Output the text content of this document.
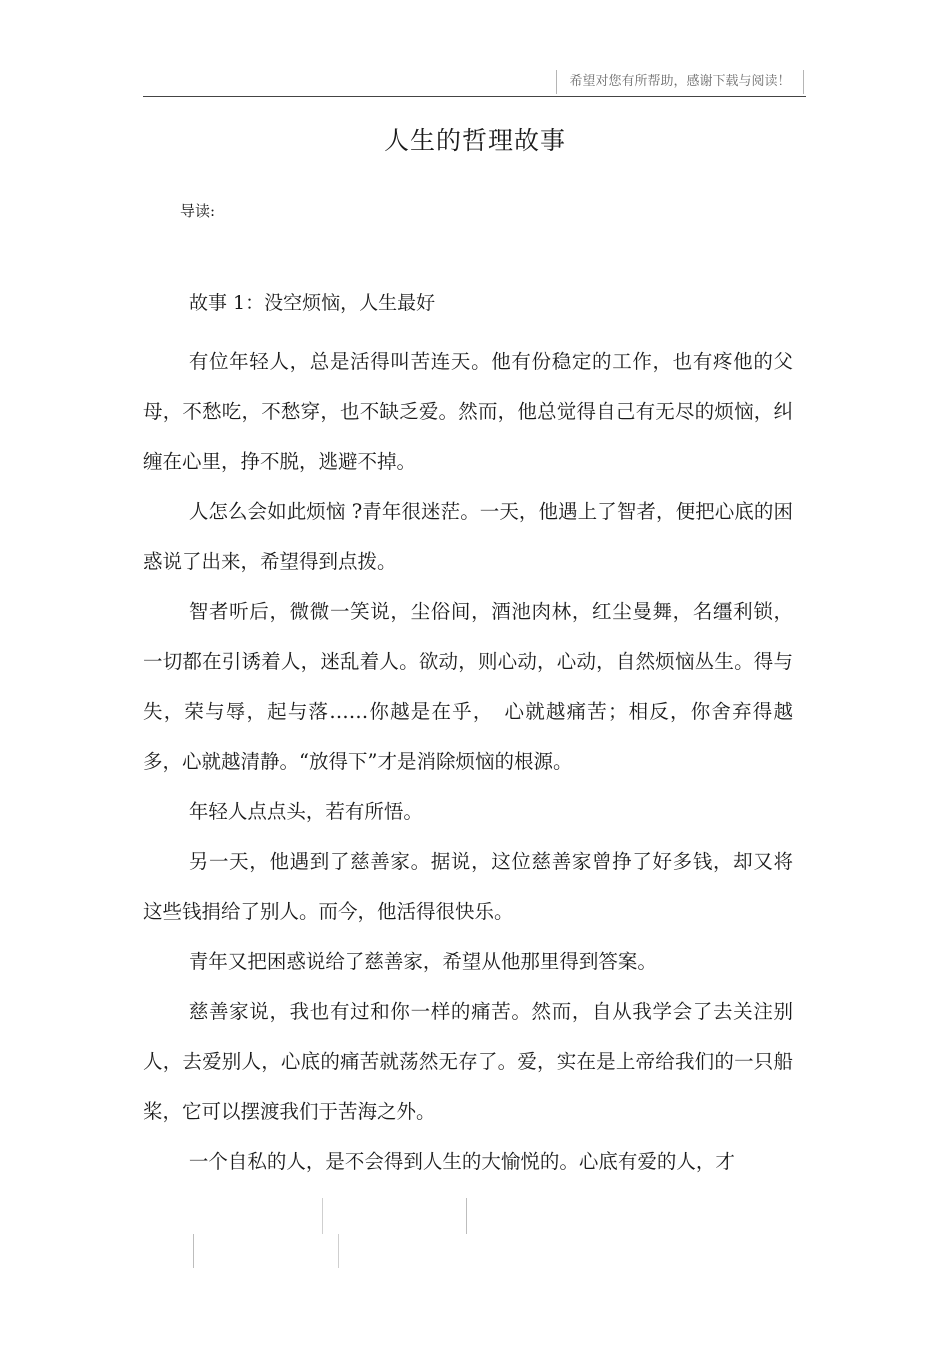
希望对您有所帮助，感谢下载与阅读！
人生的哲理故事
导读:
故事 1：没空烦恼，人生最好

有位年轻人，总是活得叫苦连天。他有份稳定的工作，也有疼他的父母，不愁吃，不愁穿，也不缺乏爱。然而，他总觉得自己有无尽的烦恼，纠缠在心里，挣不脱，逃避不掉。

人怎么会如此烦恼 ?青年很迷茫。一天，他遇上了智者，便把心底的困惑说了出来，希望得到点拨。

智者听后，微微一笑说，尘俗间，酒池肉林，红尘曼舞，名缰利锁，一切都在引诱着人，迷乱着人。欲动，则心动，心动，自然烦恼丛生。得与失，荣与辱，起与落……你越是在乎，　心就越痛苦；相反，你舍弃得越多，心就越清静。“放得下”才是消除烦恼的根源。

年轻人点点头，若有所悟。

另一天，他遇到了慈善家。据说，这位慈善家曾挣了好多钱，却又将这些钱捐给了别人。而今，他活得很快乐。

青年又把困惑说给了慈善家，希望从他那里得到答案。

慈善家说，我也有过和你一样的痛苦。然而，自从我学会了去关注别人，去爱别人，心底的痛苦就荡然无存了。爱，实在是上帝给我们的一只船桨，它可以摆渡我们于苦海之外。

一个自私的人，是不会得到人生的大愉悦的。心底有爱的人，才
